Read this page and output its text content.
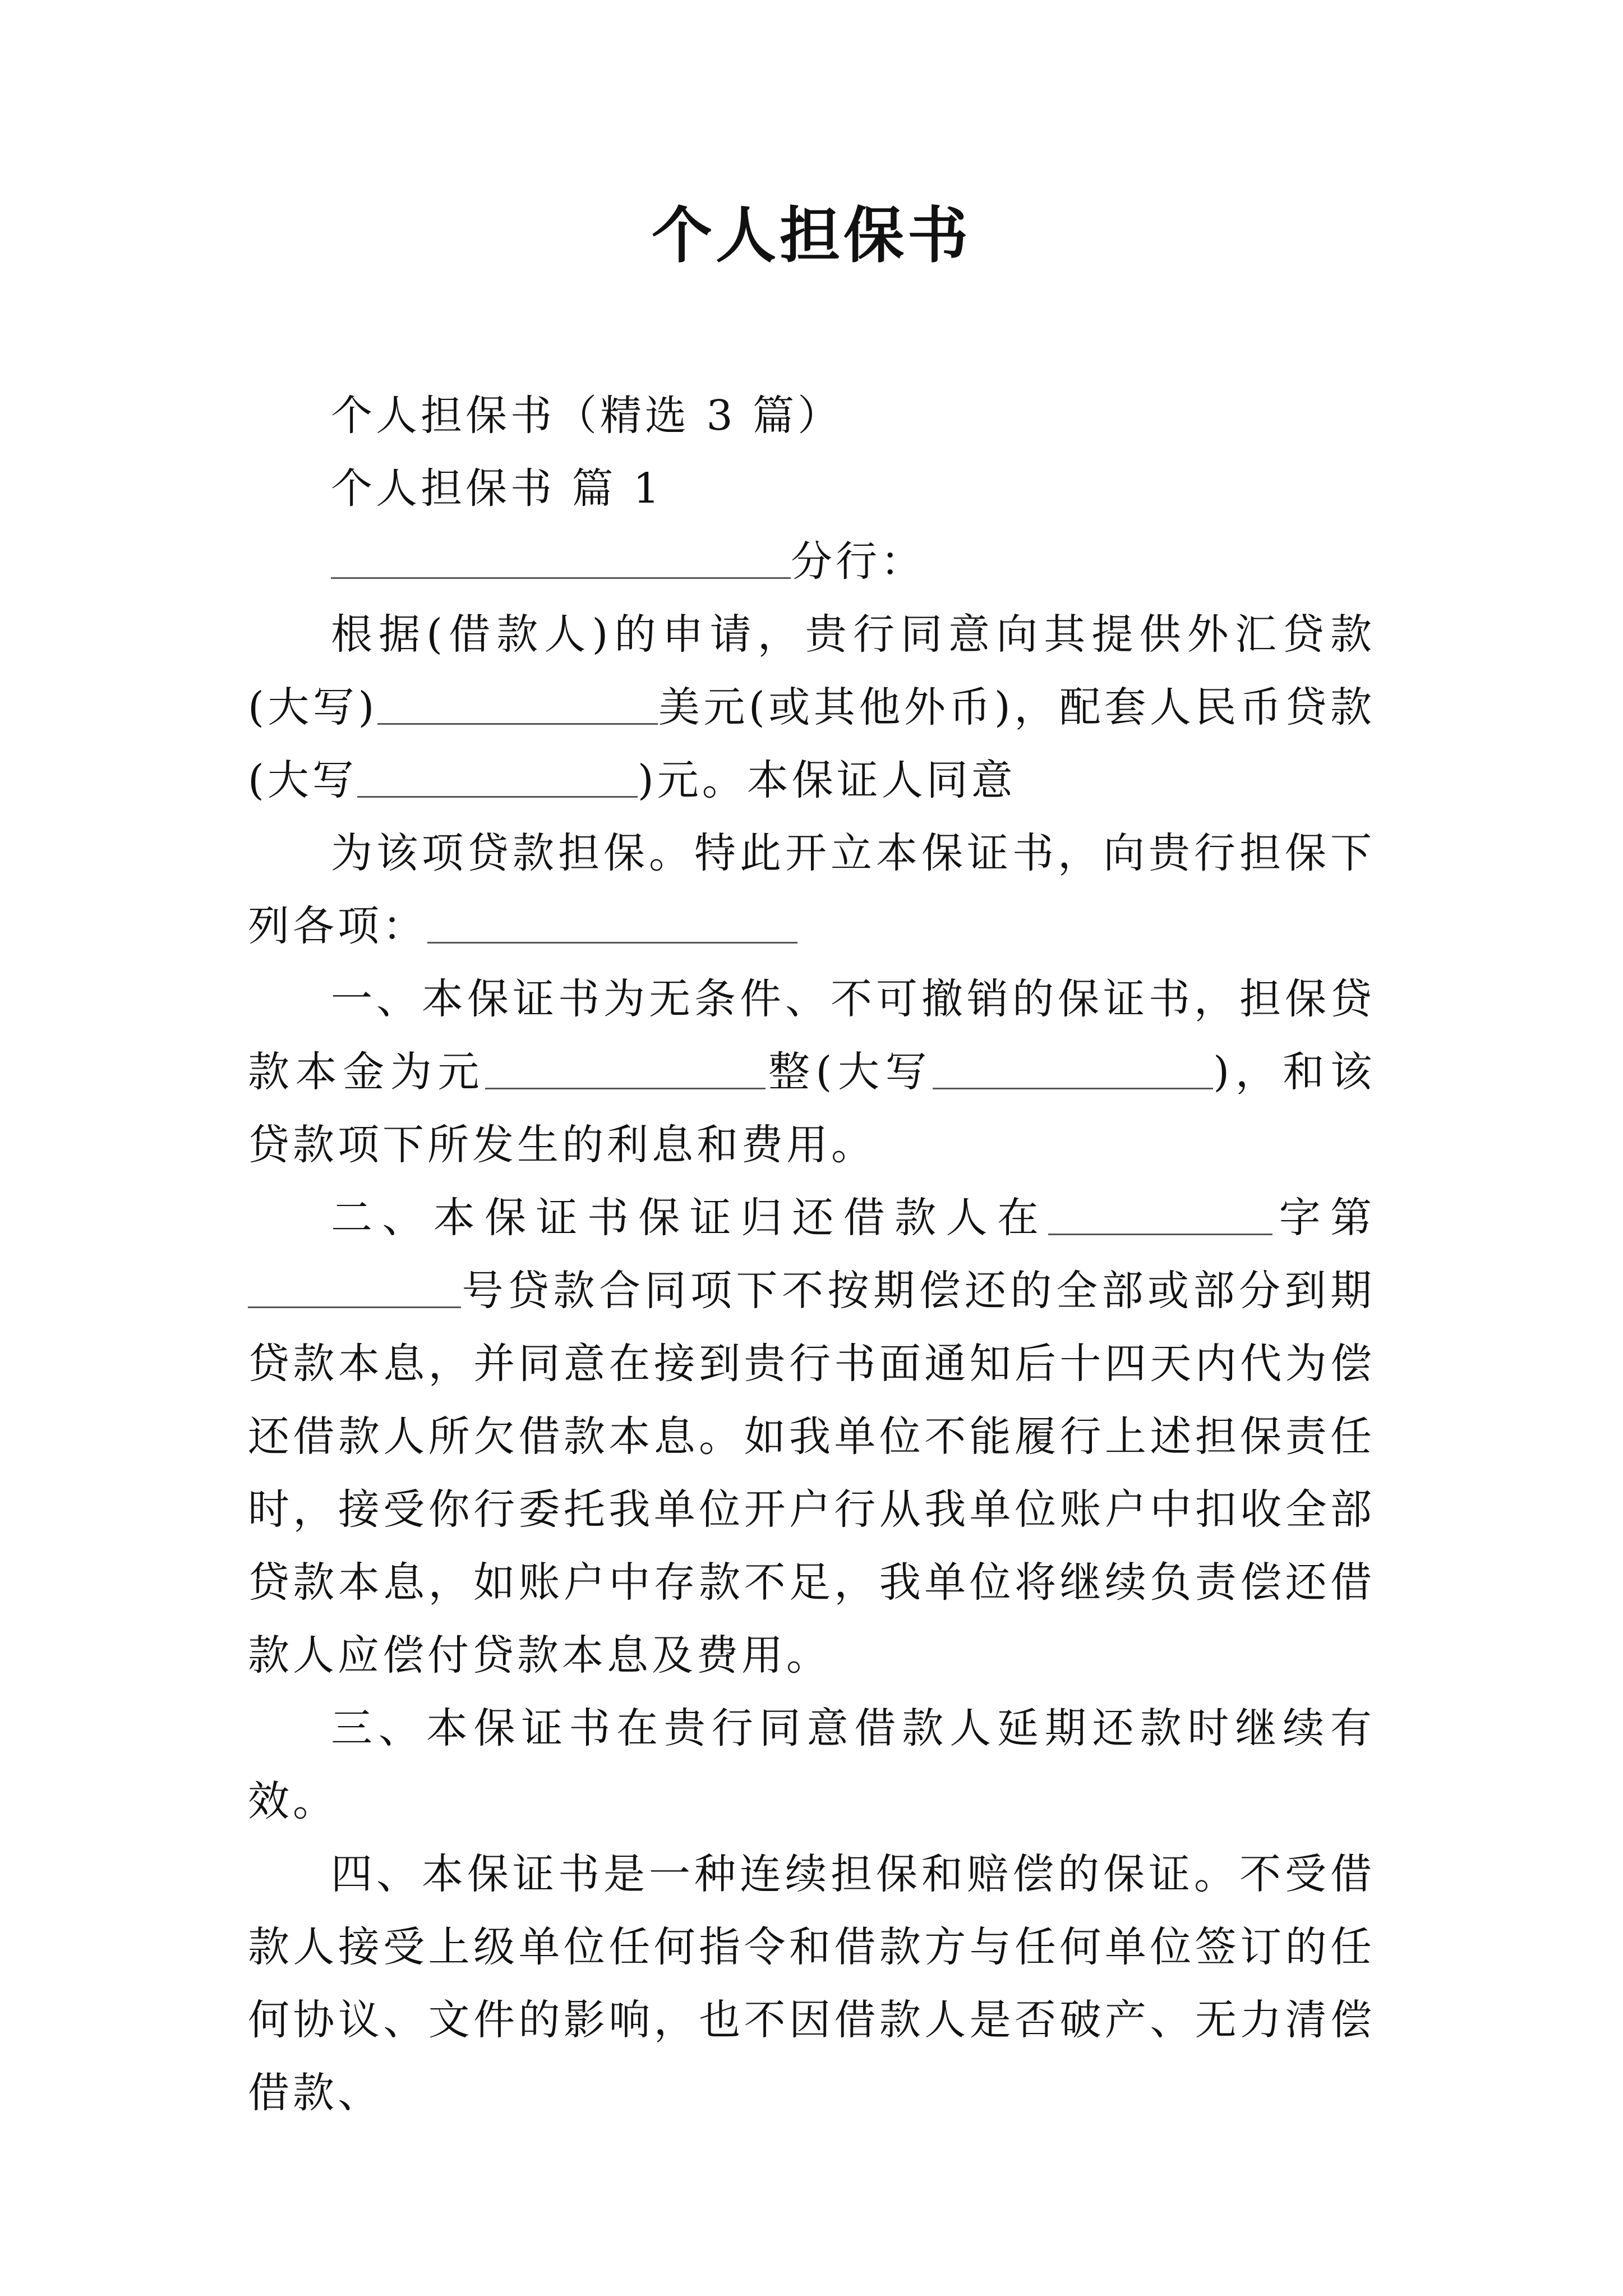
个人担保书

个人担保书（精选 3 篇）

个人担保书 篇 1

分行：

根据(借款人)的申请，贵行同意向其提供外汇贷款(大写)	美元(或其他外币)，配套人民币贷款(大写	)元。本保证人同意

为该项贷款担保。特此开立本保证书，向贵行担保下列各项：

一、本保证书为无条件、不可撤销的保证书，担保贷款本金为元	整(大写	)，和该贷款项下所发生的利息和费用。

二、本保证书保证归还借款人在	字第号贷款合同项下不按期偿还的全部或部分到期贷款本息，并同意在接到贵行书面通知后十四天内代为偿还借款人所欠借款本息。如我单位不能履行上述担保责任时，接受你行委托我单位开户行从我单位账户中扣收全部贷款本息，如账户中存款不足，我单位将继续负责偿还借款人应偿付贷款本息及费用。

三、本保证书在贵行同意借款人延期还款时继续有效。

四、本保证书是一种连续担保和赔偿的保证。不受借款人接受上级单位任何指令和借款方与任何单位签订的任何协议、文件的影响，也不因借款人是否破产、无力清偿借款、
